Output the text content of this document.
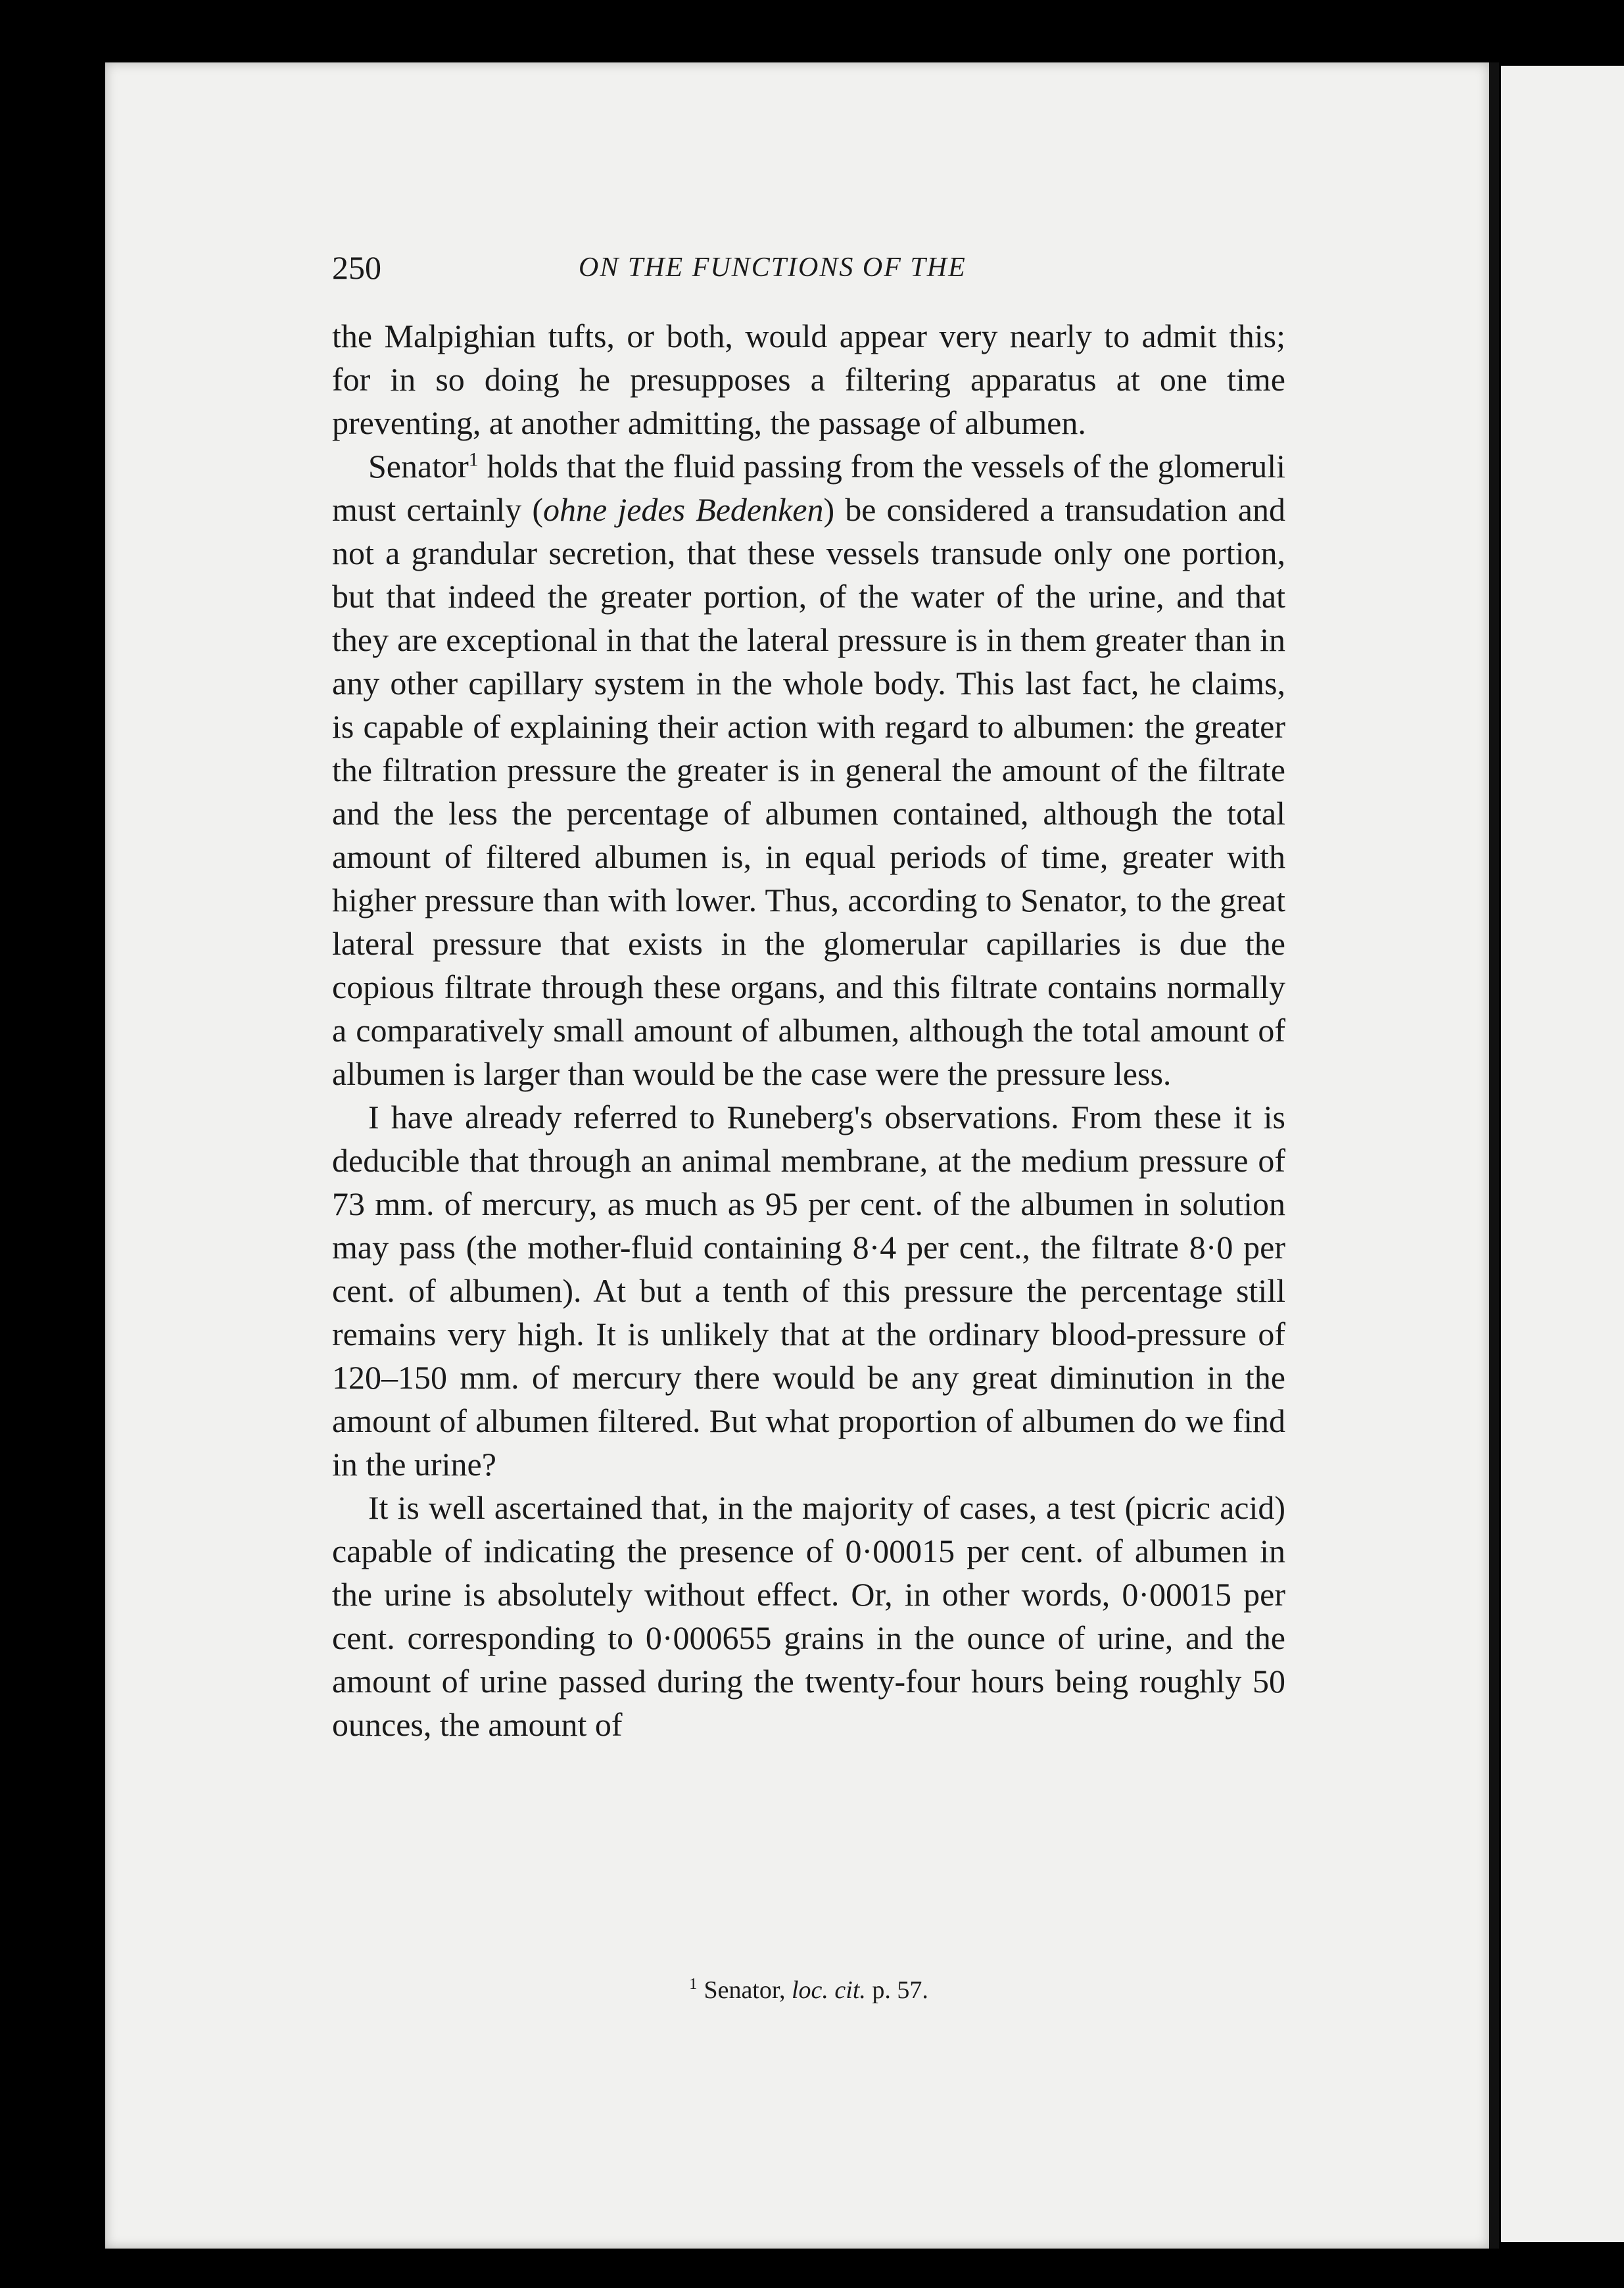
250	ON THE FUNCTIONS OF THE

the Malpighian tufts, or both, would appear very nearly to admit this; for in so doing he presupposes a filtering apparatus at one time preventing, at another admitting, the passage of albumen.

Senator$^1$ holds that the fluid passing from the vessels of the glomeruli must certainly (ohne jedes Bedenken) be considered a transudation and not a grandular secretion, that these vessels transude only one portion, but that indeed the greater portion, of the water of the urine, and that they are exceptional in that the lateral pressure is in them greater than in any other capillary system in the whole body. This last fact, he claims, is capable of explaining their action with regard to albumen: the greater the filtration pressure the greater is in general the amount of the filtrate and the less the percentage of albumen contained, although the total amount of filtered albumen is, in equal periods of time, greater with higher pressure than with lower. Thus, according to Senator, to the great lateral pressure that exists in the glomerular capillaries is due the copious filtrate through these organs, and this filtrate contains normally a comparatively small amount of albumen, although the total amount of albumen is larger than would be the case were the pressure less.

I have already referred to Runeberg's observations. From these it is deducible that through an animal membrane, at the medium pressure of 73 mm. of mercury, as much as 95 per cent. of the albumen in solution may pass (the mother-fluid containing 8·4 per cent., the filtrate 8·0 per cent. of albumen). At but a tenth of this pressure the percentage still remains very high. It is unlikely that at the ordinary blood-pressure of 120–150 mm. of mercury there would be any great diminution in the amount of albumen filtered. But what proportion of albumen do we find in the urine?

It is well ascertained that, in the majority of cases, a test (picric acid) capable of indicating the presence of 0·00015 per cent. of albumen in the urine is absolutely without effect. Or, in other words, 0·00015 per cent. corresponding to 0·000655 grains in the ounce of urine, and the amount of urine passed during the twenty-four hours being roughly 50 ounces, the amount of

$^1$ Senator, loc. cit. p. 57.
